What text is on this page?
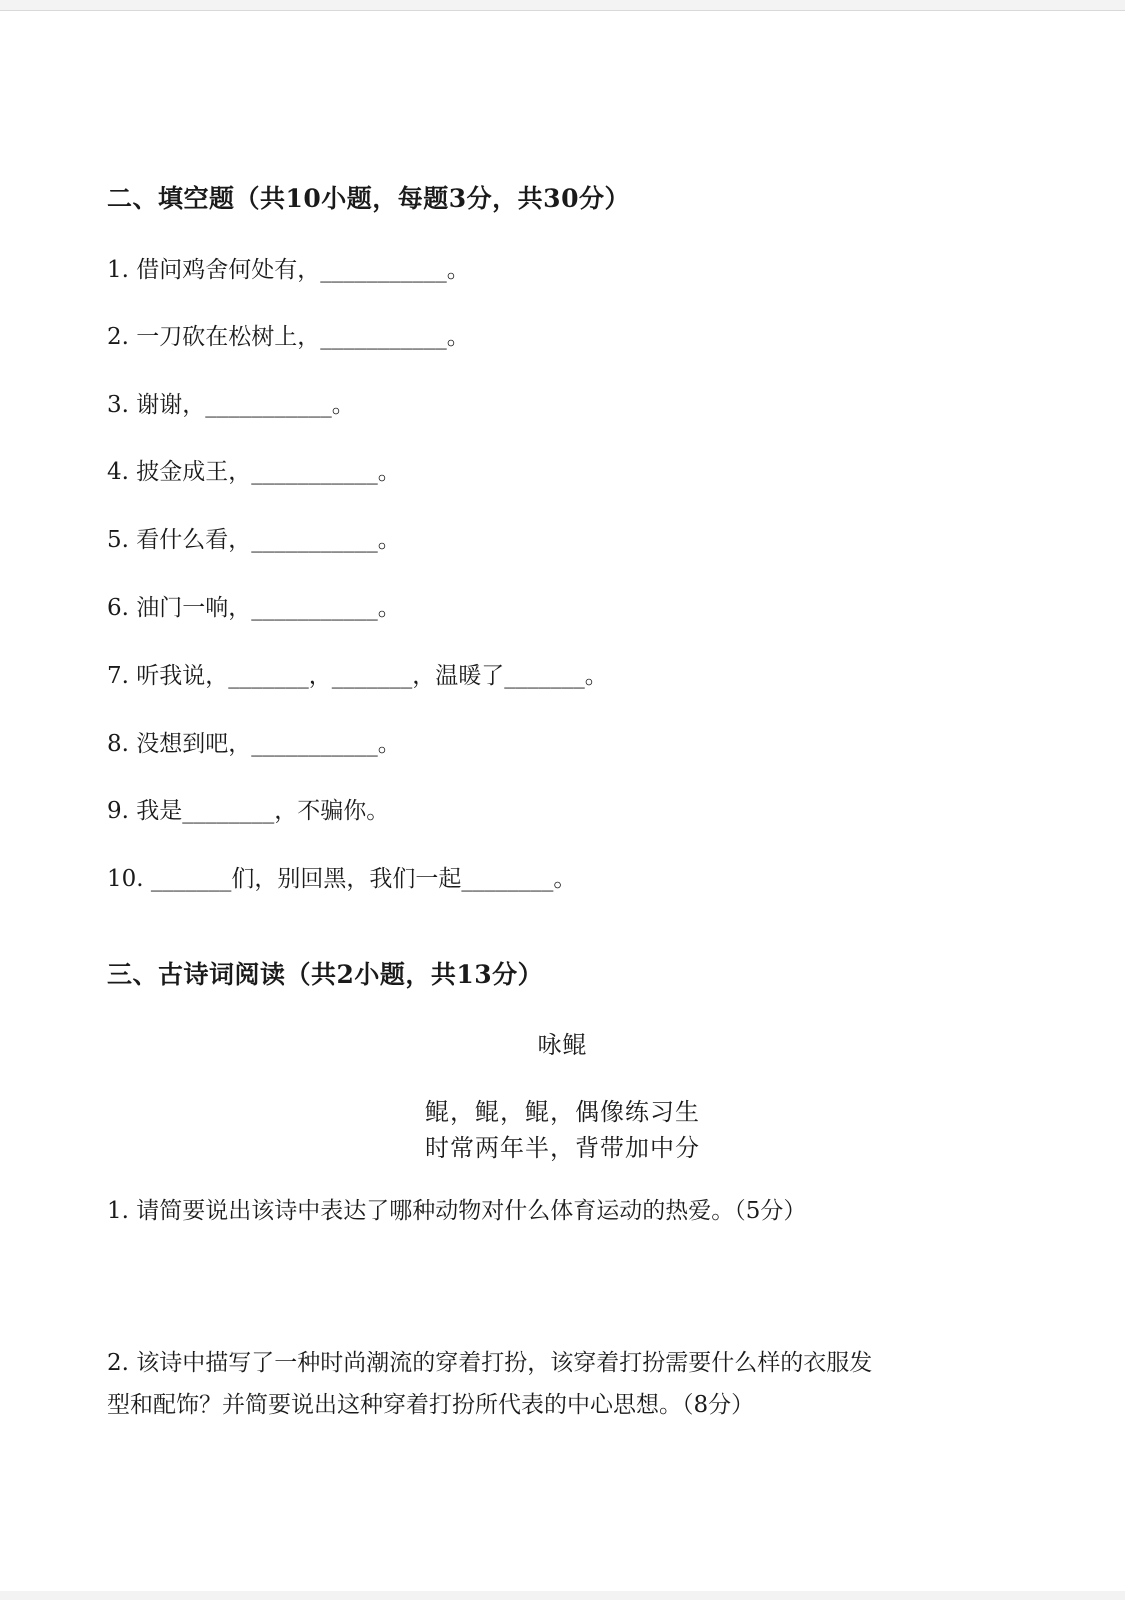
二、填空题（共10小题，每题3分，共30分）
1. 借问鸡舍何处有，___________。
2. 一刀砍在松树上，___________。
3. 谢谢，___________。
4. 披金成王，___________。
5. 看什么看，___________。
6. 油门一响，___________。
7. 听我说，_______，_______，温暖了_______。
8. 没想到吧，___________。
9. 我是________，不骗你。
10. _______们，别回黑，我们一起________。
三、古诗词阅读（共2小题，共13分）
咏鲲
鲲，鲲，鲲，偶像练习生
时常两年半，背带加中分
1. 请简要说出该诗中表达了哪种动物对什么体育运动的热爱。（5分）
2. 该诗中描写了一种时尚潮流的穿着打扮，该穿着打扮需要什么样的衣服发
型和配饰？并简要说出这种穿着打扮所代表的中心思想。（8分）
